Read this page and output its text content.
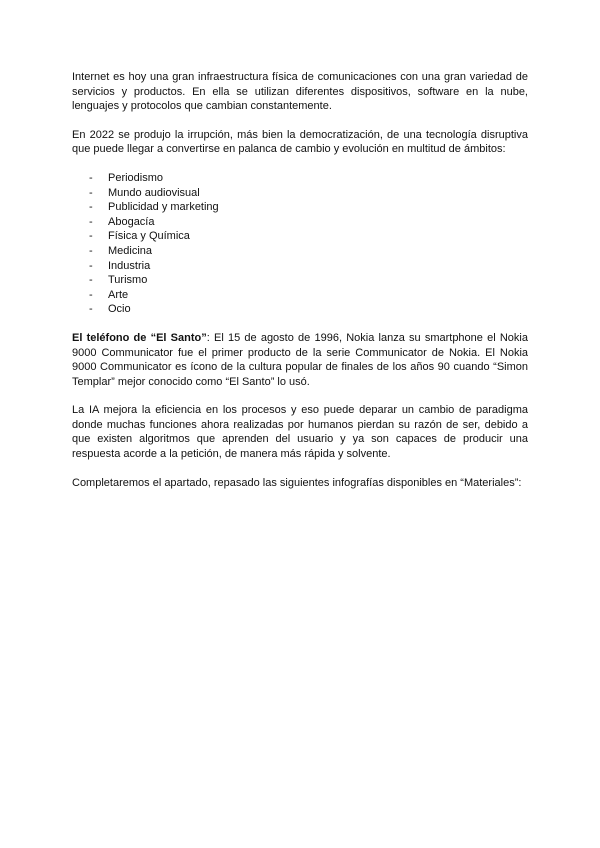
Internet es hoy una gran infraestructura física de comunicaciones con una gran variedad de servicios y productos. En ella se utilizan diferentes dispositivos, software en la nube, lenguajes y protocolos que cambian constantemente.

En 2022 se produjo la irrupción, más bien la democratización, de una tecnología disruptiva que puede llegar a convertirse en palanca de cambio y evolución en multitud de ámbitos:

- Periodismo
- Mundo audiovisual
- Publicidad y marketing
- Abogacía
- Física y Química
- Medicina
- Industria
- Turismo
- Arte
- Ocio

El teléfono de “El Santo”: El 15 de agosto de 1996, Nokia lanza su smartphone el Nokia 9000 Communicator fue el primer producto de la serie Communicator de Nokia. El Nokia 9000 Communicator es ícono de la cultura popular de finales de los años 90 cuando “Simon Templar” mejor conocido como “El Santo” lo usó.

La IA mejora la eficiencia en los procesos y eso puede deparar un cambio de paradigma donde muchas funciones ahora realizadas por humanos pierdan su razón de ser, debido a que existen algoritmos que aprenden del usuario y ya son capaces de producir una respuesta acorde a la petición, de manera más rápida y solvente.

Completaremos el apartado, repasado las siguientes infografías disponibles en “Materiales”:
